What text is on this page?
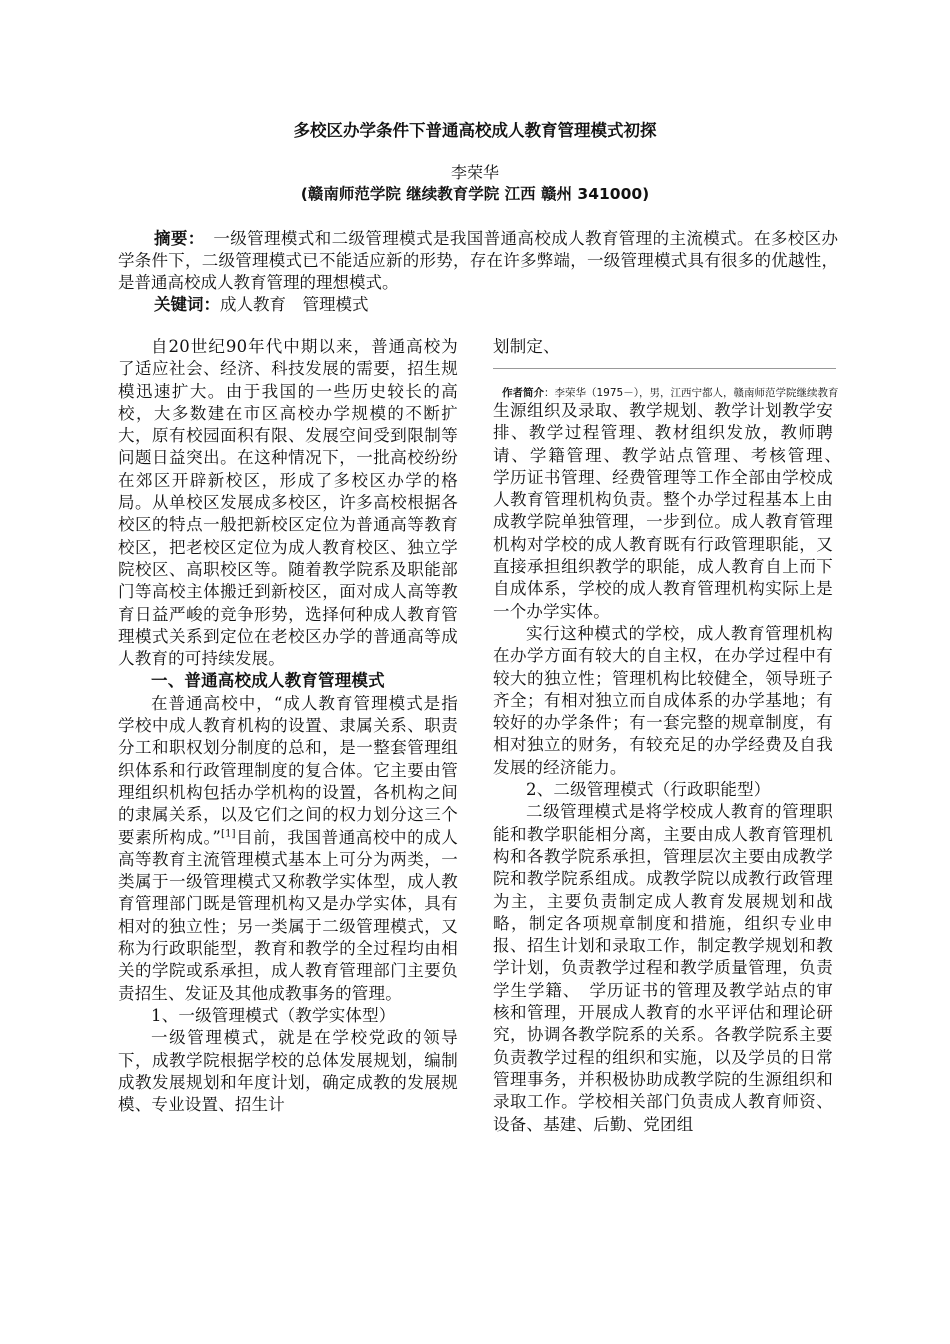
多校区办学条件下普通高校成人教育管理模式初探
李荣华
(赣南师范学院 继续教育学院 江西 赣州 341000)

摘要：　 一级管理模式和二级管理模式是我国普通高校成人教育管理的主流模式。在多校区办学条件下，二级管理模式已不能适应新的形势，存在许多弊端，一级管理模式具有很多的优越性，是普通高校成人教育管理的理想模式。

关键词：成人教育　管理模式

自20世纪90年代中期以来，普通高校为了适应社会、经济、科技发展的需要，招生规模迅速扩大。由于我国的一些历史较长的高校，大多数建在市区高校办学规模的不断扩大，原有校园面积有限、发展空间受到限制等问题日益突出。在这种情况下，一批高校纷纷在郊区开辟新校区，形成了多校区办学的格局。从单校区发展成多校区，许多高校根据各校区的特点一般把新校区定位为普通高等教育校区，把老校区定位为成人教育校区、独立学院校区、高职校区等。随着教学院系及职能部门等高校主体搬迁到新校区，面对成人高等教育日益严峻的竞争形势，选择何种成人教育管理模式关系到定位在老校区办学的普通高等成人教育的可持续发展。

一、普通高校成人教育管理模式

在普通高校中，“成人教育管理模式是指学校中成人教育机构的设置、隶属关系、职责分工和职权划分制度的总和，是一整套管理组织体系和行政管理制度的复合体。它主要由管理组织机构包括办学机构的设置，各机构之间的隶属关系，以及它们之间的权力划分这三个要素所构成。”[1]目前，我国普通高校中的成人高等教育主流管理模式基本上可分为两类，一类属于一级管理模式又称教学实体型，成人教育管理部门既是管理机构又是办学实体，具有相对的独立性；另一类属于二级管理模式，又称为行政职能型，教育和教学的全过程均由相关的学院或系承担，成人教育管理部门主要负责招生、发证及其他成教事务的管理。

1、一级管理模式（教学实体型）

一级管理模式，就是在学校党政的领导下，成教学院根据学校的总体发展规划，编制成教发展规划和年度计划，确定成教的发展规模、专业设置、招生计

划制定、

作者简介：李荣华（1975－），男，江西宁都人，赣南师范学院继续教育

生源组织及录取、教学规划、教学计划教学安排、教学过程管理、教材组织发放，教师聘请、学籍管理、教学站点管理、考核管理、　学历证书管理、经费管理等工作全部由学校成人教育管理机构负责。整个办学过程基本上由成教学院单独管理，一步到位。成人教育管理机构对学校的成人教育既有行政管理职能，又直接承担组织教学的职能，成人教育自上而下自成体系，学校的成人教育管理机构实际上是一个办学实体。

实行这种模式的学校，成人教育管理机构在办学方面有较大的自主权，在办学过程中有较大的独立性；管理机构比较健全，领导班子齐全；有相对独立而自成体系的办学基地；有较好的办学条件；有一套完整的规章制度，有相对独立的财务，有较充足的办学经费及自我发展的经济能力。

2、二级管理模式（行政职能型）

二级管理模式是将学校成人教育的管理职能和教学职能相分离，主要由成人教育管理机构和各教学院系承担，管理层次主要由成教学院和教学院系组成。成教学院以成教行政管理为主，主要负责制定成人教育发展规划和战略，制定各项规章制度和措施，组织专业申报、招生计划和录取工作，制定教学规划和教学计划，负责教学过程和教学质量管理，负责学生学籍、　学历证书的管理及教学站点的审核和管理，开展成人教育的水平评估和理论研究，协调各教学院系的关系。各教学院系主要负责教学过程的组织和实施，以及学员的日常管理事务，并积极协助成教学院的生源组织和录取工作。学校相关部门负责成人教育师资、设备、基建、后勤、党团组
